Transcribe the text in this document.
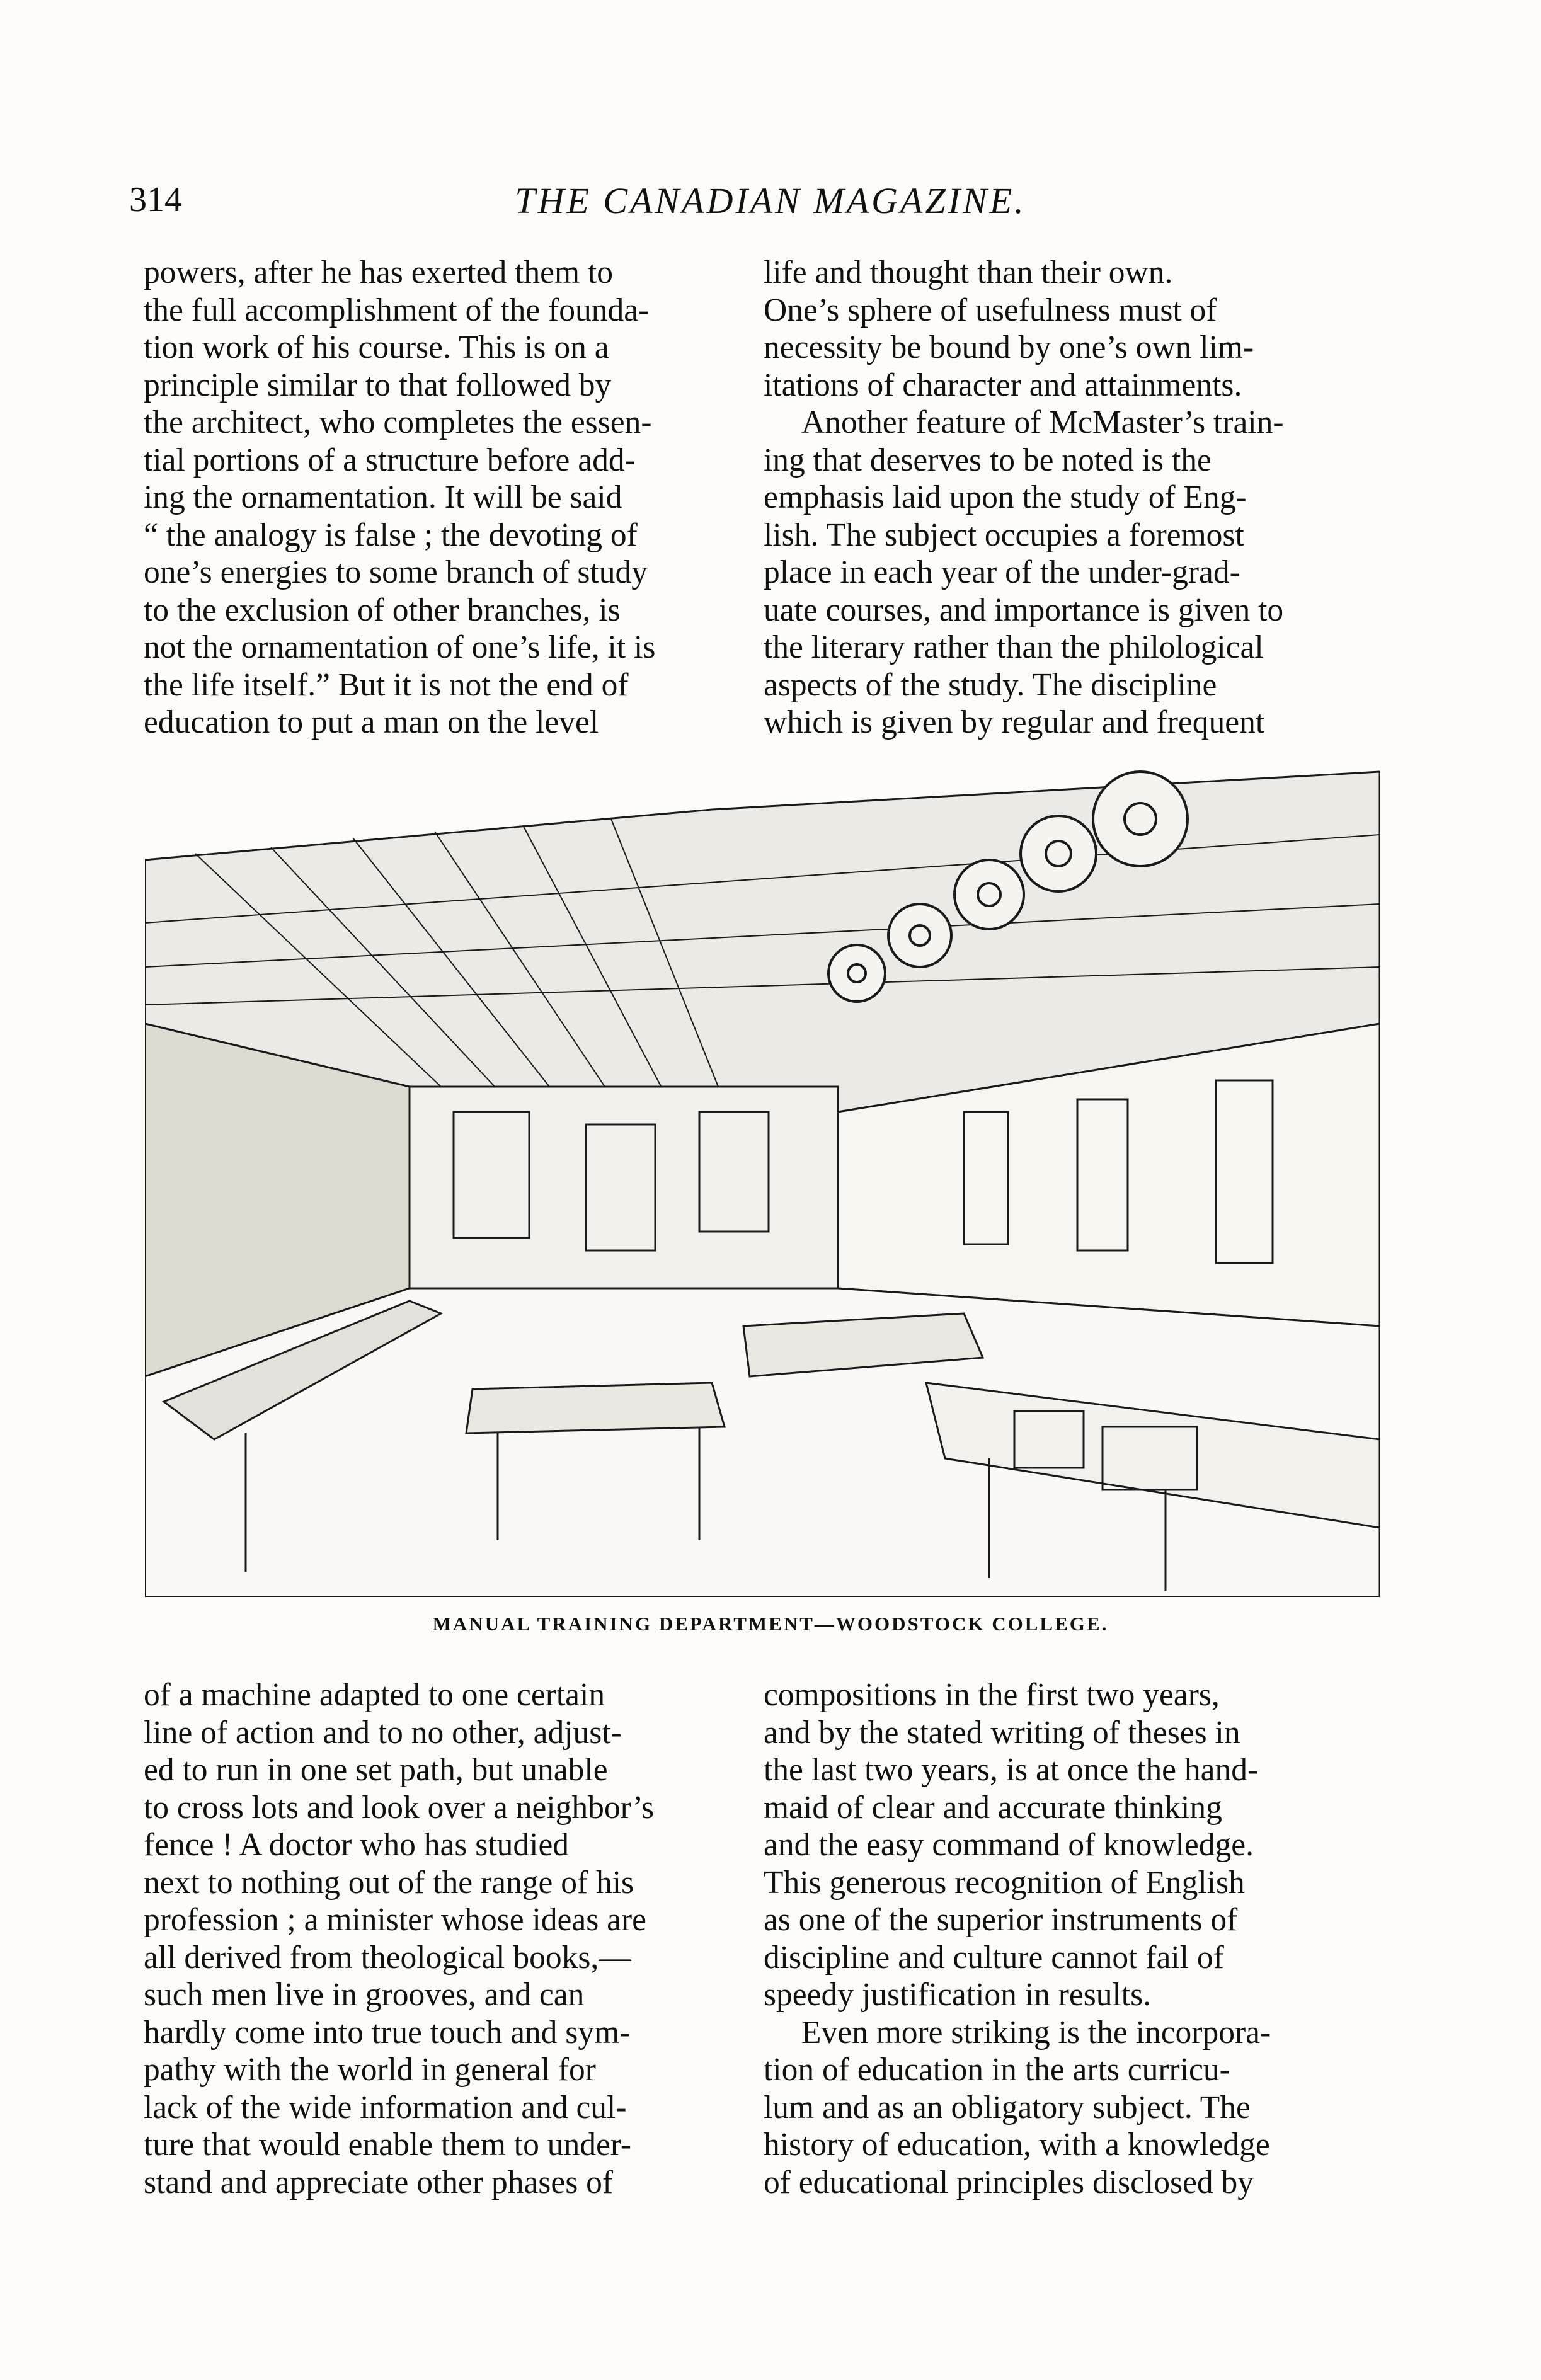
314	THE CANADIAN MAGAZINE.

powers, after he has exerted them to
the full accomplishment of the founda-
tion work of his course. This is on a
principle similar to that followed by
the architect, who completes the essen-
tial portions of a structure before add-
ing the ornamentation. It will be said
“ the analogy is false ; the devoting of
one’s energies to some branch of study
to the exclusion of other branches, is
not the ornamentation of one’s life, it is
the life itself.” But it is not the end of
education to put a man on the level

life and thought than their own.
One’s sphere of usefulness must of
necessity be bound by one’s own lim-
itations of character and attainments.

Another feature of McMaster’s train-
ing that deserves to be noted is the
emphasis laid upon the study of Eng-
lish. The subject occupies a foremost
place in each year of the under-grad-
uate courses, and importance is given to
the literary rather than the philological
aspects of the study. The discipline
which is given by regular and frequent

MANUAL TRAINING DEPARTMENT—WOODSTOCK COLLEGE.

of a machine adapted to one certain
line of action and to no other, adjust-
ed to run in one set path, but unable
to cross lots and look over a neighbor’s
fence ! A doctor who has studied
next to nothing out of the range of his
profession ; a minister whose ideas are
all derived from theological books,—
such men live in grooves, and can
hardly come into true touch and sym-
pathy with the world in general for
lack of the wide information and cul-
ture that would enable them to under-
stand and appreciate other phases of

compositions in the first two years,
and by the stated writing of theses in
the last two years, is at once the hand-
maid of clear and accurate thinking
and the easy command of knowledge.
This generous recognition of English
as one of the superior instruments of
discipline and culture cannot fail of
speedy justification in results.

Even more striking is the incorpora-
tion of education in the arts curricu-
lum and as an obligatory subject. The
history of education, with a knowledge
of educational principles disclosed by
